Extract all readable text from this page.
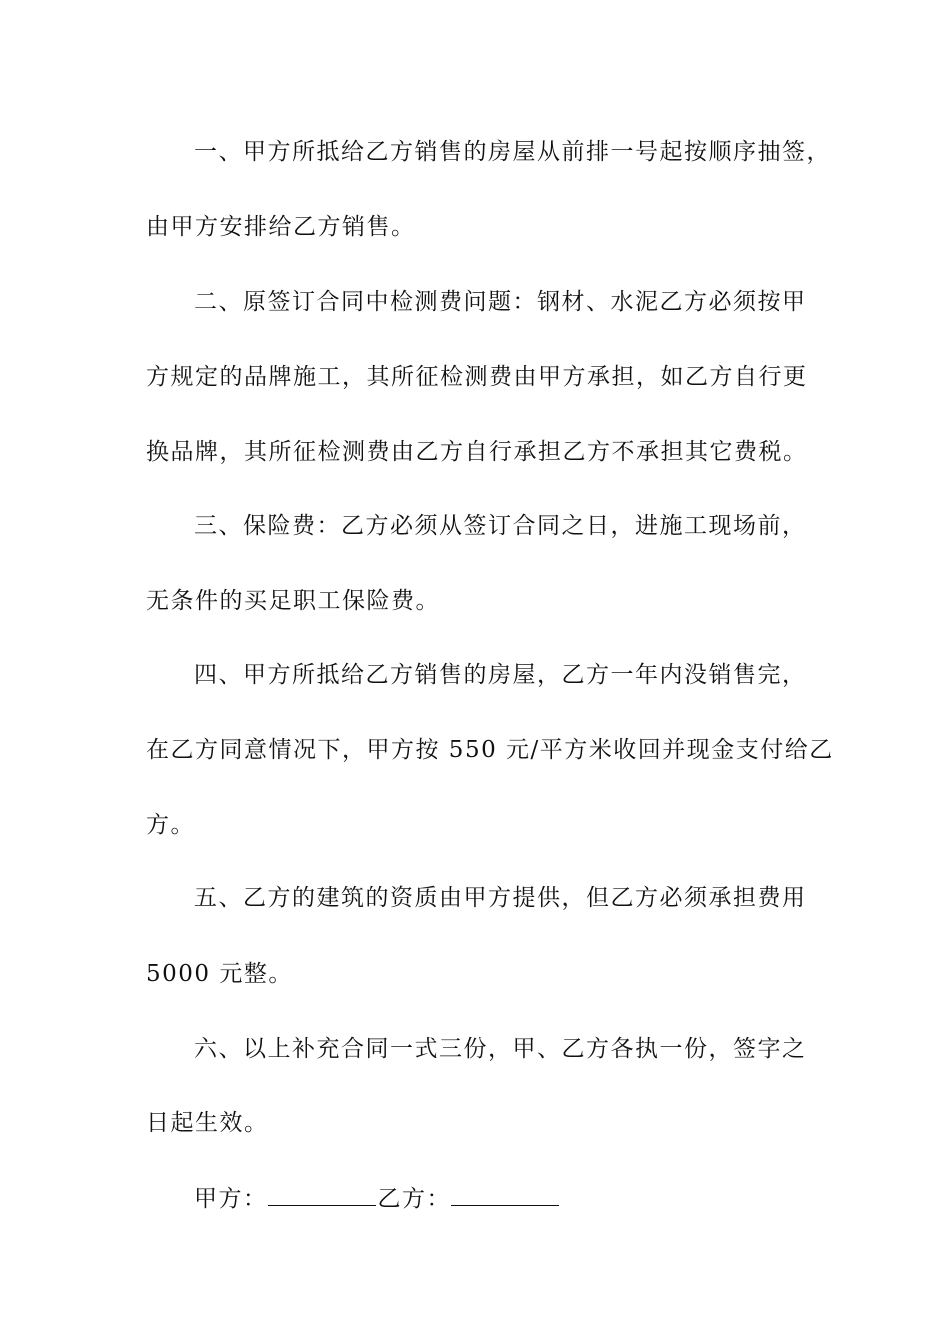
一、甲方所抵给乙方销售的房屋从前排一号起按顺序抽签，
由甲方安排给乙方销售。
二、原签订合同中检测费问题：钢材、水泥乙方必须按甲
方规定的品牌施工，其所征检测费由甲方承担，如乙方自行更
换品牌，其所征检测费由乙方自行承担乙方不承担其它费税。
三、保险费：乙方必须从签订合同之日，进施工现场前，
无条件的买足职工保险费。
四、甲方所抵给乙方销售的房屋，乙方一年内没销售完，
在乙方同意情况下，甲方按 550 元/平方米收回并现金支付给乙
方。
五、乙方的建筑的资质由甲方提供，但乙方必须承担费用
5000 元整。
六、以上补充合同一式三份，甲、乙方各执一份，签字之
日起生效。
甲方：	乙方：
